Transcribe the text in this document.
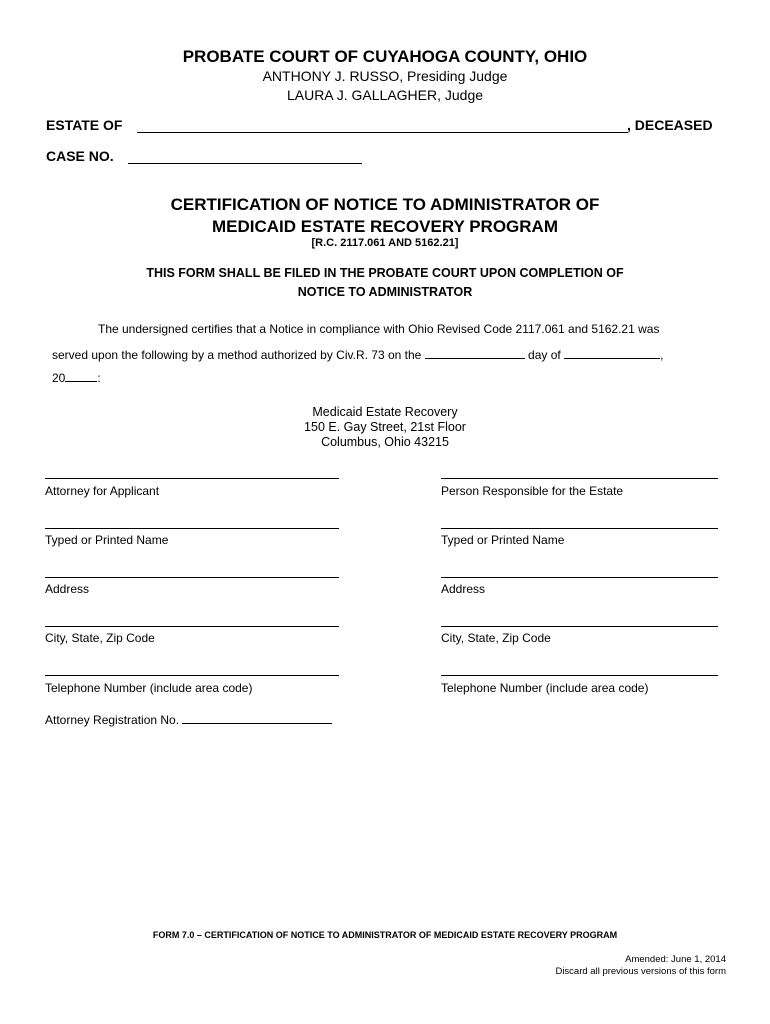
PROBATE COURT OF CUYAHOGA COUNTY, OHIO
ANTHONY J. RUSSO, Presiding Judge
LAURA J. GALLAGHER, Judge
ESTATE OF	, DECEASED
CASE NO.
CERTIFICATION OF NOTICE TO ADMINISTRATOR OF
MEDICAID ESTATE RECOVERY PROGRAM
[R.C. 2117.061 AND 5162.21]
THIS FORM SHALL BE FILED IN THE PROBATE COURT UPON COMPLETION OF
NOTICE TO ADMINISTRATOR
The undersigned certifies that a Notice in compliance with Ohio Revised Code 2117.061 and 5162.21 was
served upon the following by a method authorized by Civ.R. 73 on the	day of	,
20	:
Medicaid Estate Recovery
150 E. Gay Street, 21st Floor
Columbus, Ohio 43215
Attorney for Applicant
Typed or Printed Name
Address
City, State, Zip Code
Telephone Number (include area code)
Attorney Registration No.
Person Responsible for the Estate
Typed or Printed Name
Address
City, State, Zip Code
Telephone Number (include area code)
FORM 7.0 – CERTIFICATION OF NOTICE TO ADMINISTRATOR OF MEDICAID ESTATE RECOVERY PROGRAM
Amended: June 1, 2014
Discard all previous versions of this form
